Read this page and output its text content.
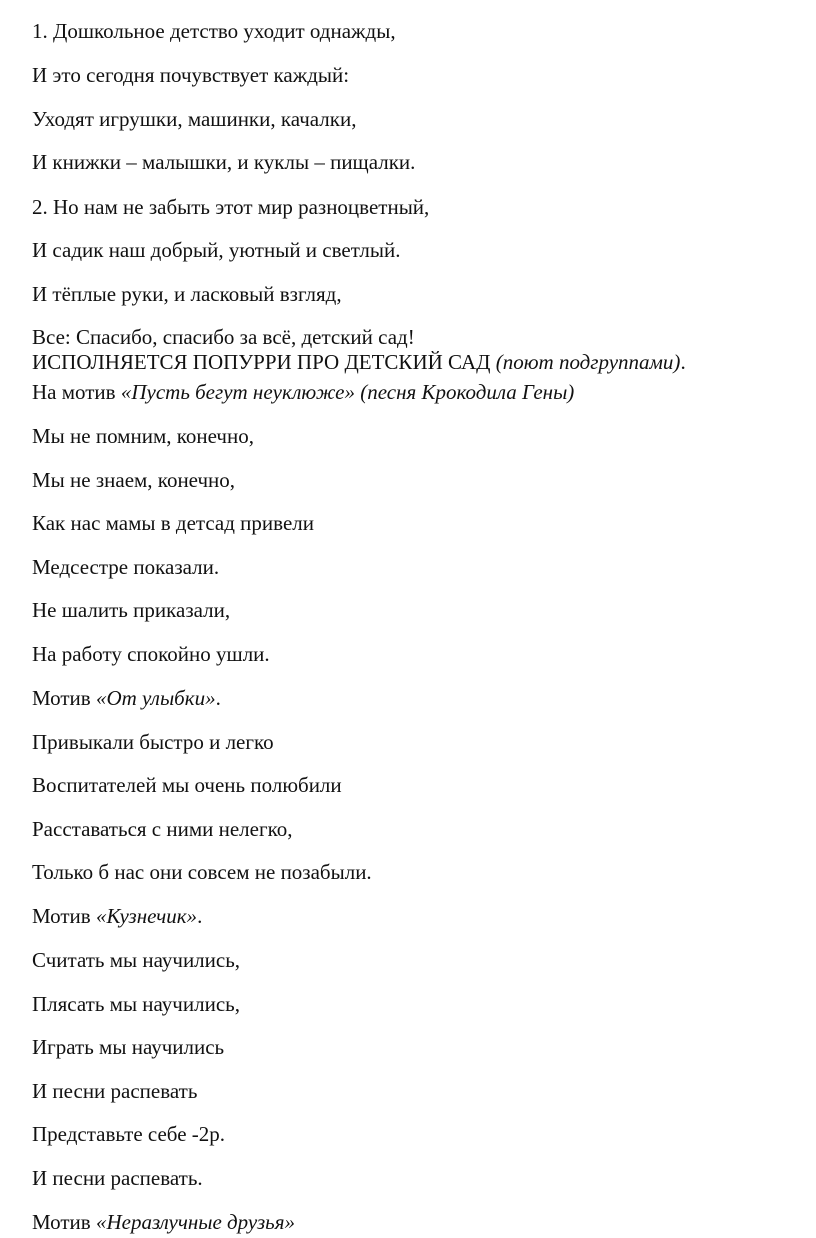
1. Дошкольное детство уходит однажды,

И это сегодня почувствует каждый:

Уходят игрушки, машинки, качалки,

И книжки – малышки, и куклы – пищалки.

2. Но нам не забыть этот мир разноцветный,

И садик наш добрый, уютный и светлый.

И тёплые руки, и ласковый взгляд,

Все: Спасибо, спасибо за всё, детский сад!

ИСПОЛНЯЕТСЯ ПОПУРРИ ПРО ДЕТСКИЙ САД (поют подгруппами).

На мотив «Пусть бегут неуклюже» (песня Крокодила Гены)

Мы не помним, конечно,

Мы не знаем, конечно,

Как нас мамы в детсад привели

Медсестре показали.

Не шалить приказали,

На работу спокойно ушли.

Мотив «От улыбки».

Привыкали быстро и легко

Воспитателей мы очень полюбили

Расставаться с ними нелегко,

Только б нас они совсем не позабыли.

Мотив «Кузнечик».

Считать мы научились,

Плясать мы научились,

Играть мы научились

И песни распевать

Представьте себе -2р.

И песни распевать.

Мотив «Неразлучные друзья»
